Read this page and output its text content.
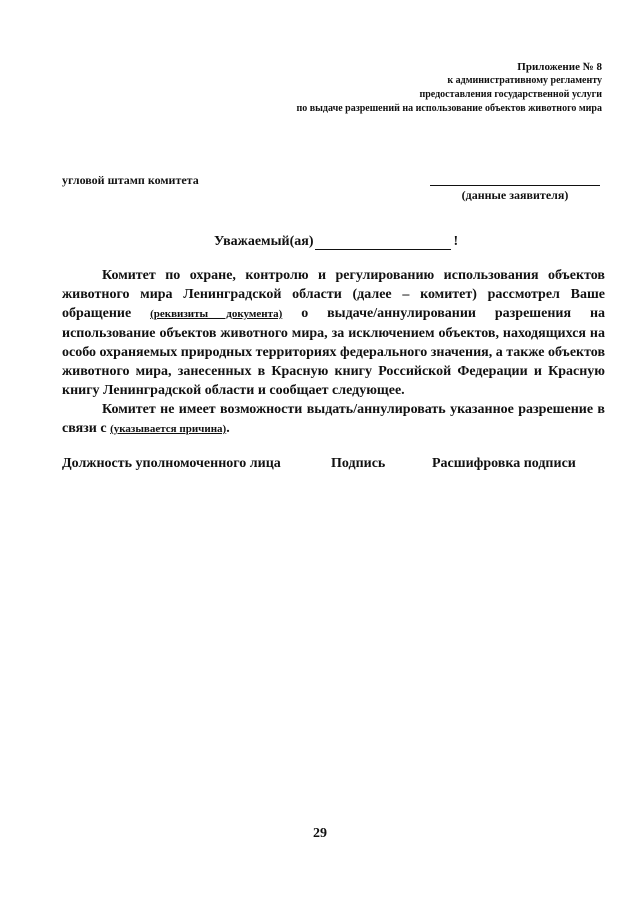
Приложение № 8
к административному регламенту
предоставления государственной услуги
по выдаче разрешений на использование объектов животного мира
угловой штамп комитета
(данные заявителя)
Уважаемый(ая)	!

Комитет по охране, контролю и регулированию использования объектов животного мира Ленинградской области (далее – комитет) рассмотрел Ваше обращение (реквизиты документа) о выдаче/аннулировании разрешения на использование объектов животного мира, за исключением объектов, находящихся на особо охраняемых природных территориях федерального значения, а также объектов животного мира, занесенных в Красную книгу Российской Федерации и Красную книгу Ленинградской области и сообщает следующее.

Комитет не имеет возможности выдать/аннулировать указанное разрешение в связи с (указывается причина).

Должность уполномоченного лица	Подпись	Расшифровка подписи
29
